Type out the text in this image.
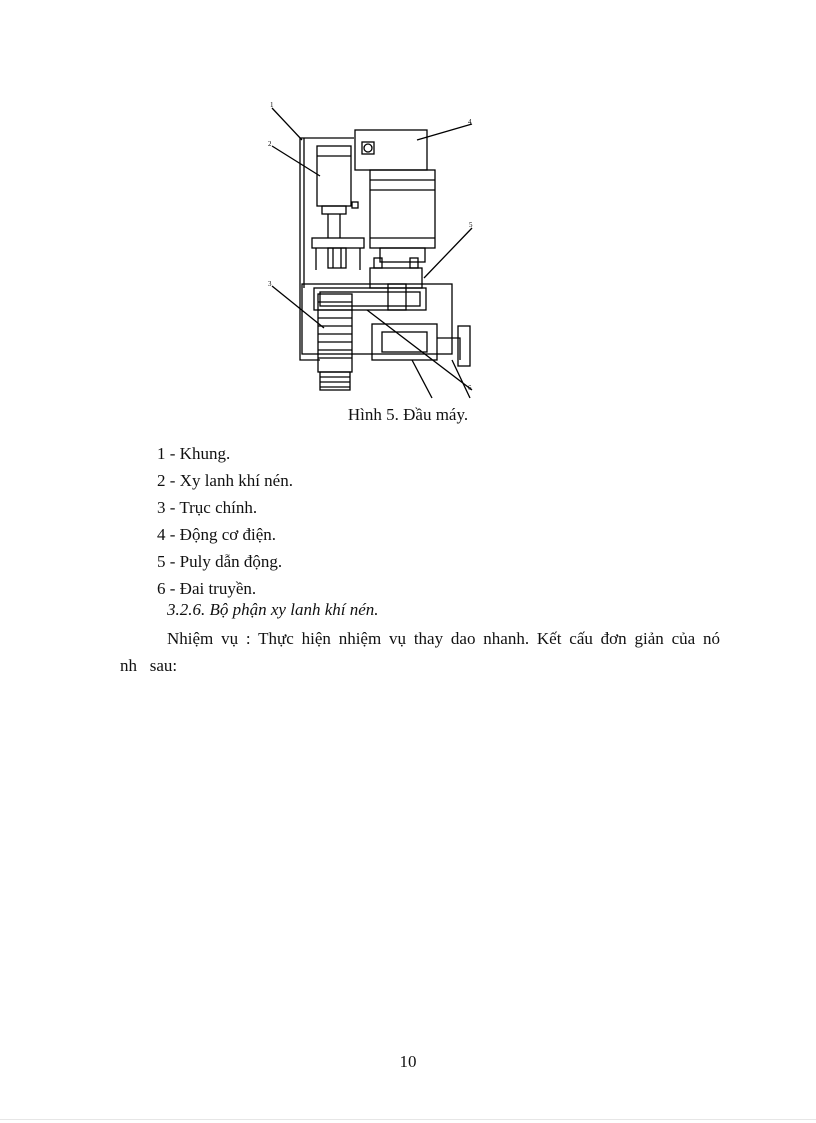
1
2
3
4
5
6
Hình 5. Đầu máy.
1 - Khung.
2 - Xy lanh khí nén.
3 - Trục chính.
4 - Động cơ điện.
5 - Puly dẫn động.
6 - Đai truyền.
3.2.6. Bộ phận xy lanh khí nén.
Nhiệm vụ : Thực hiện nhiệm vụ thay dao nhanh. Kết cấu đơn giản của nó
nh   sau:
10
